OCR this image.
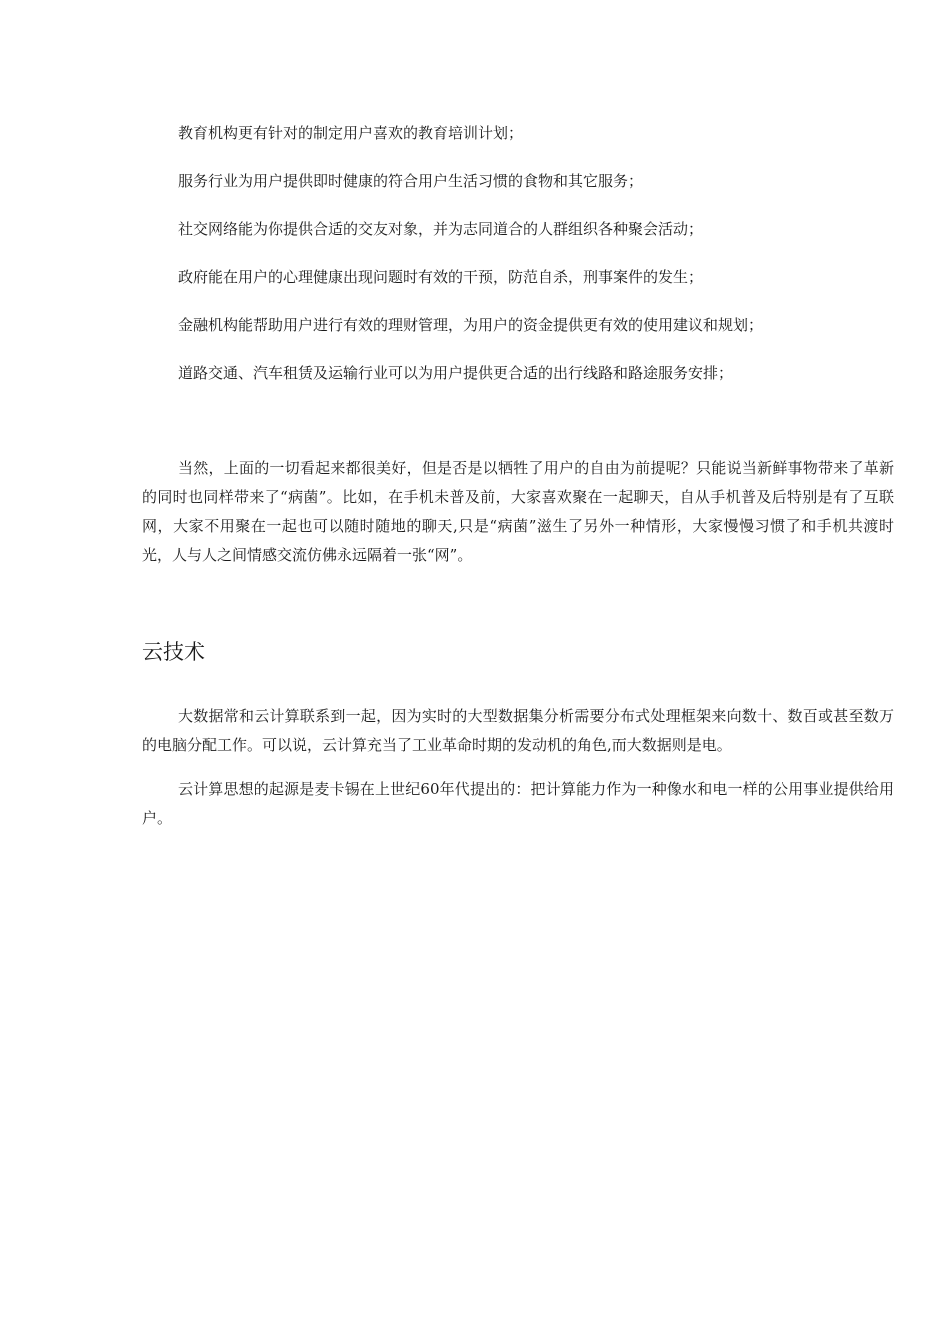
教育机构更有针对的制定用户喜欢的教育培训计划；
服务行业为用户提供即时健康的符合用户生活习惯的食物和其它服务；
社交网络能为你提供合适的交友对象，并为志同道合的人群组织各种聚会活动；
政府能在用户的心理健康出现问题时有效的干预，防范自杀，刑事案件的发生；
金融机构能帮助用户进行有效的理财管理，为用户的资金提供更有效的使用建议和规划；
道路交通、汽车租赁及运输行业可以为用户提供更合适的出行线路和路途服务安排；

当然，上面的一切看起来都很美好，但是否是以牺牲了用户的自由为前提呢？只能说当新鲜事物带来了革新的同时也同样带来了“病菌”。比如，在手机未普及前，大家喜欢聚在一起聊天，自从手机普及后特别是有了互联网，大家不用聚在一起也可以随时随地的聊天,只是“病菌”滋生了另外一种情形，大家慢慢习惯了和手机共渡时光，人与人之间情感交流仿佛永远隔着一张“网”。

云技术

大数据常和云计算联系到一起，因为实时的大型数据集分析需要分布式处理框架来向数十、数百或甚至数万的电脑分配工作。可以说，云计算充当了工业革命时期的发动机的角色,而大数据则是电。

云计算思想的起源是麦卡锡在上世纪60年代提出的：把计算能力作为一种像水和电一样的公用事业提供给用户。
